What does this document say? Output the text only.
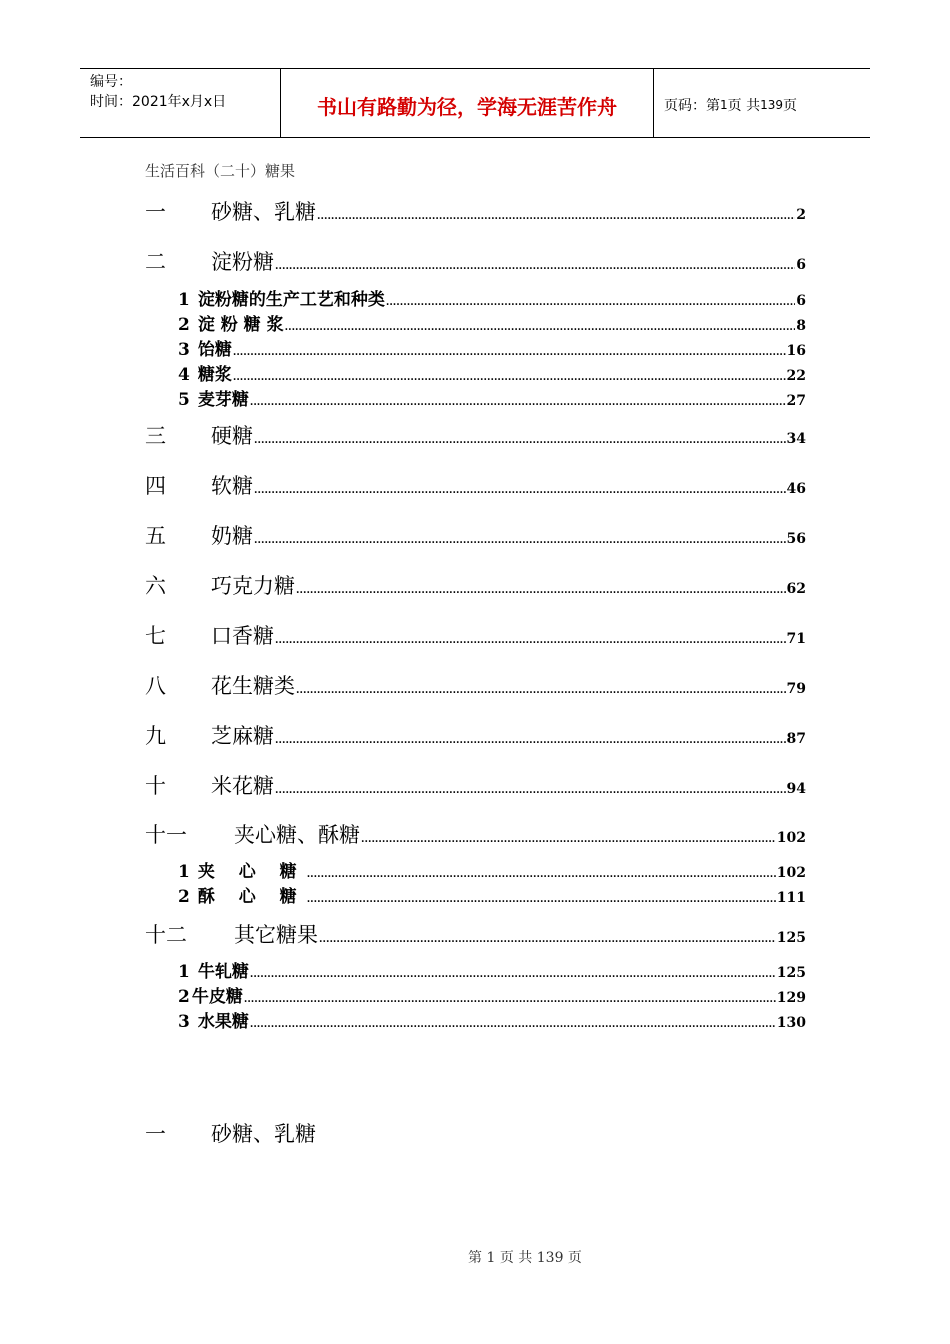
编号：
时间：2021年x月x日	书山有路勤为径，学海无涯苦作舟	页码：第 1 页 共 139 页
生活百科（二十）糖果
一 砂糖、乳糖 .....	2
二 淀粉糖 .....	6
1 淀粉糖的生产工艺和种类 .....	6
2 淀 粉 糖 浆 .....	8
3 饴糖 .....	16
4 糖浆 .....	22
5 麦芽糖 .....	27
三 硬糖 .....	34
四 软糖 .....	46
五 奶糖 .....	56
六 巧克力糖 .....	62
七 口香糖 .....	71
八 花生糖类 .....	79
九 芝麻糖 .....	87
十 米花糖 .....	94
十一 夹心糖、酥糖 .....	102
1 夹 心 糖 .....	102
2 酥 心 糖 .....	111
十二 其它糖果 .....	125
1 牛轧糖 .....	125
2 牛皮糖 .....	129
3 水果糖 .....	130
一 砂糖、乳糖
第 1 页 共 139 页
